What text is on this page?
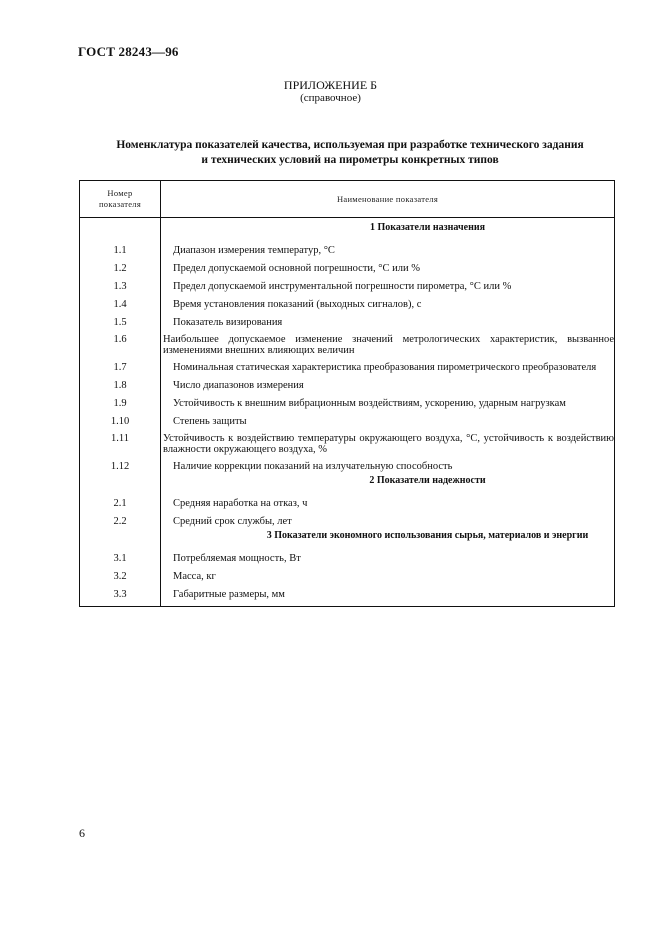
ГОСТ 28243—96
ПРИЛОЖЕНИЕ Б
(справочное)
Номенклатура показателей качества, используемая при разработке технического задания
и технических условий на пирометры конкретных типов
Номер
показателя	Наименование показателя
	1 Показатели назначения
1.1	Диапазон измерения температур, °С
1.2	Предел допускаемой основной погрешности, °С или %
1.3	Предел допускаемой инструментальной погрешности пирометра, °С или %
1.4	Время установления показаний (выходных сигналов), с
1.5	Показатель визирования
1.6	Наибольшее допускаемое изменение значений метрологических характеристик, вызванное изменениями внешних влияющих величин
1.7	Номинальная статическая характеристика преобразования пирометрического преобразователя
1.8	Число диапазонов измерения
1.9	Устойчивость к внешним вибрационным воздействиям, ускорению, ударным нагрузкам
1.10	Степень защиты
1.11	Устойчивость к воздействию температуры окружающего воздуха, °С, устойчивость к воздействию влажности окружающего воздуха, %
1.12	Наличие коррекции показаний на излучательную способность
	2 Показатели надежности
2.1	Средняя наработка на отказ, ч
2.2	Средний срок службы, лет
	3 Показатели экономного использования сырья, материалов и энергии
3.1	Потребляемая мощность, Вт
3.2	Масса, кг
3.3	Габаритные размеры, мм
6
